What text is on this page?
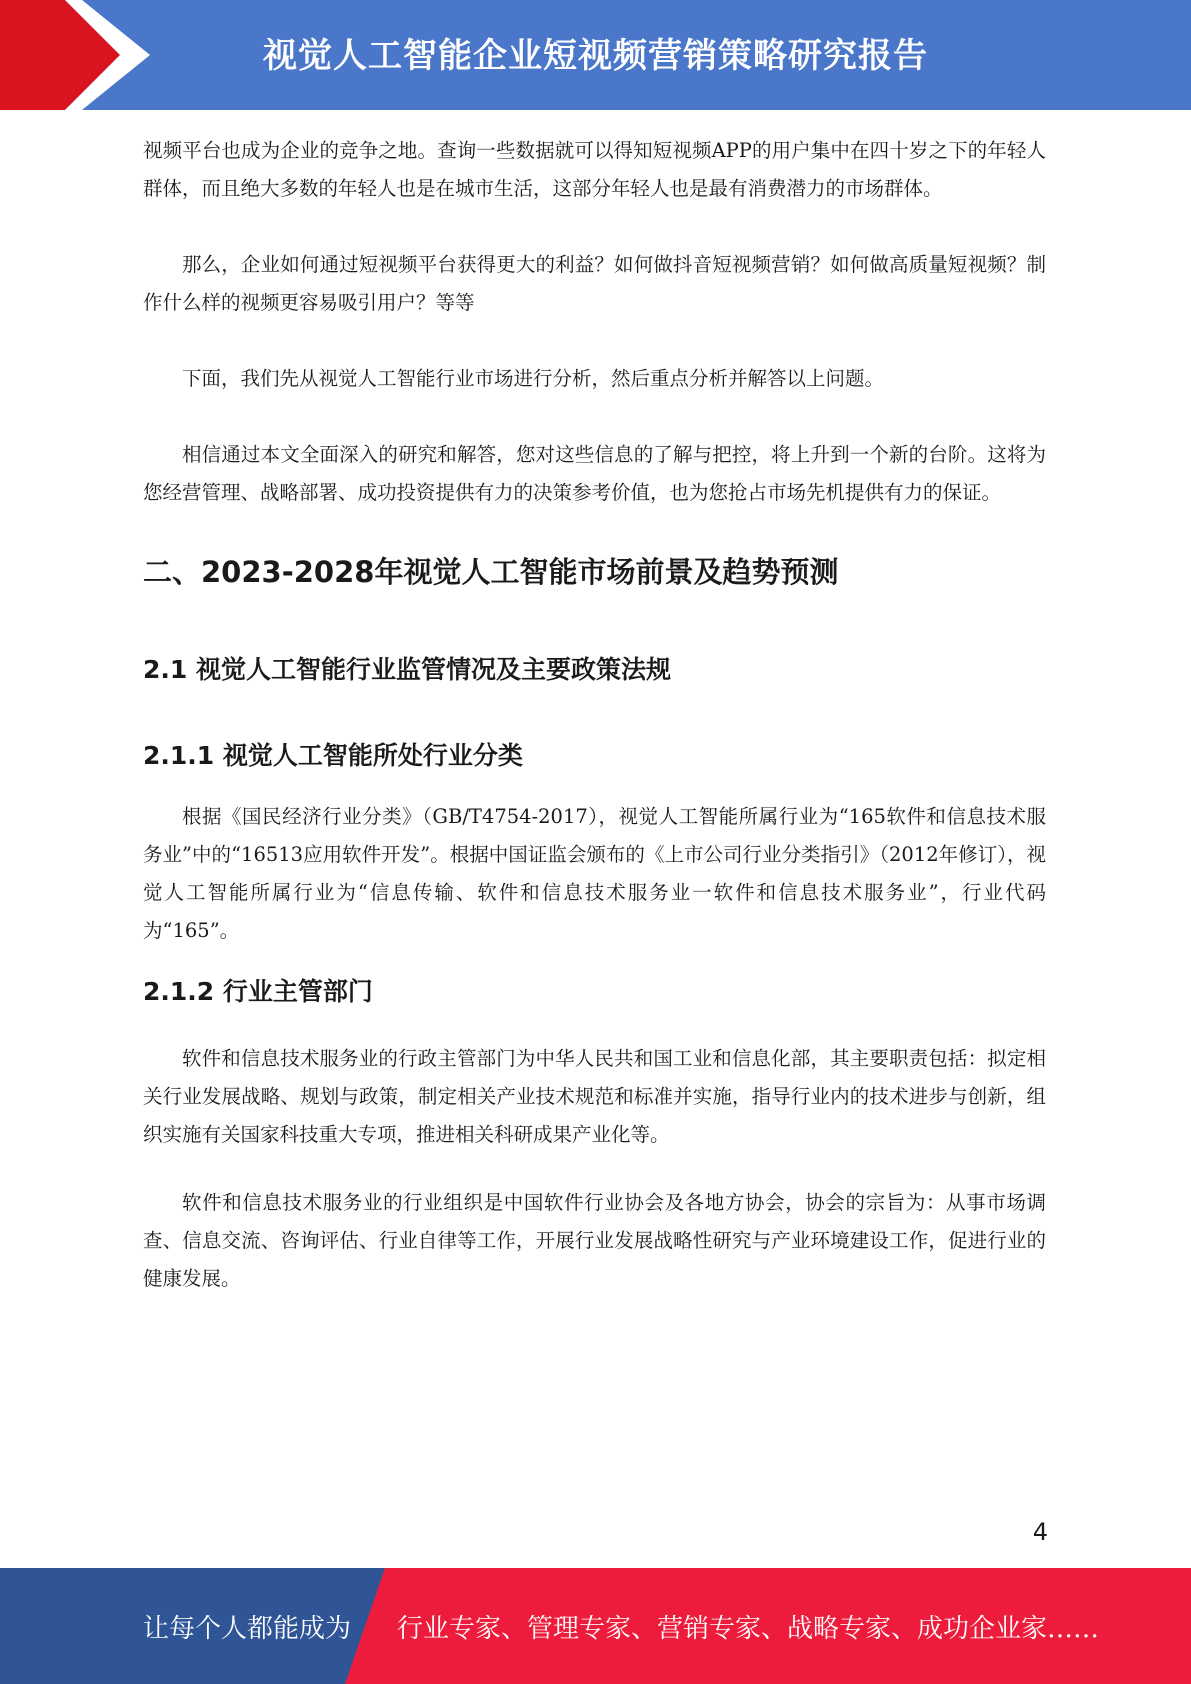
视觉人工智能企业短视频营销策略研究报告

视频平台也成为企业的竞争之地。查询一些数据就可以得知短视频APP的用户集中在四十岁之下的年轻人群体，而且绝大多数的年轻人也是在城市生活，这部分年轻人也是最有消费潜力的市场群体。

那么，企业如何通过短视频平台获得更大的利益？如何做抖音短视频营销？如何做高质量短视频？制作什么样的视频更容易吸引用户？等等

下面，我们先从视觉人工智能行业市场进行分析，然后重点分析并解答以上问题。

相信通过本文全面深入的研究和解答，您对这些信息的了解与把控，将上升到一个新的台阶。这将为您经营管理、战略部署、成功投资提供有力的决策参考价值，也为您抢占市场先机提供有力的保证。

二、2023-2028年视觉人工智能市场前景及趋势预测
2.1 视觉人工智能行业监管情况及主要政策法规
2.1.1 视觉人工智能所处行业分类

根据《国民经济行业分类》（GB/T4754-2017），视觉人工智能所属行业为“165软件和信息技术服务业”中的“16513应用软件开发”。根据中国证监会颁布的《上市公司行业分类指引》（2012年修订），视觉人工智能所属行业为“信息传输、软件和信息技术服务业一软件和信息技术服务业”，行业代码为“165”。

2.1.2 行业主管部门

软件和信息技术服务业的行政主管部门为中华人民共和国工业和信息化部，其主要职责包括：拟定相关行业发展战略、规划与政策，制定相关产业技术规范和标准并实施，指导行业内的技术进步与创新，组织实施有关国家科技重大专项，推进相关科研成果产业化等。

软件和信息技术服务业的行业组织是中国软件行业协会及各地方协会，协会的宗旨为：从事市场调查、信息交流、咨询评估、行业自律等工作，开展行业发展战略性研究与产业环境建设工作，促进行业的健康发展。

4
让每个人都能成为 行业专家、管理专家、营销专家、战略专家、成功企业家……
